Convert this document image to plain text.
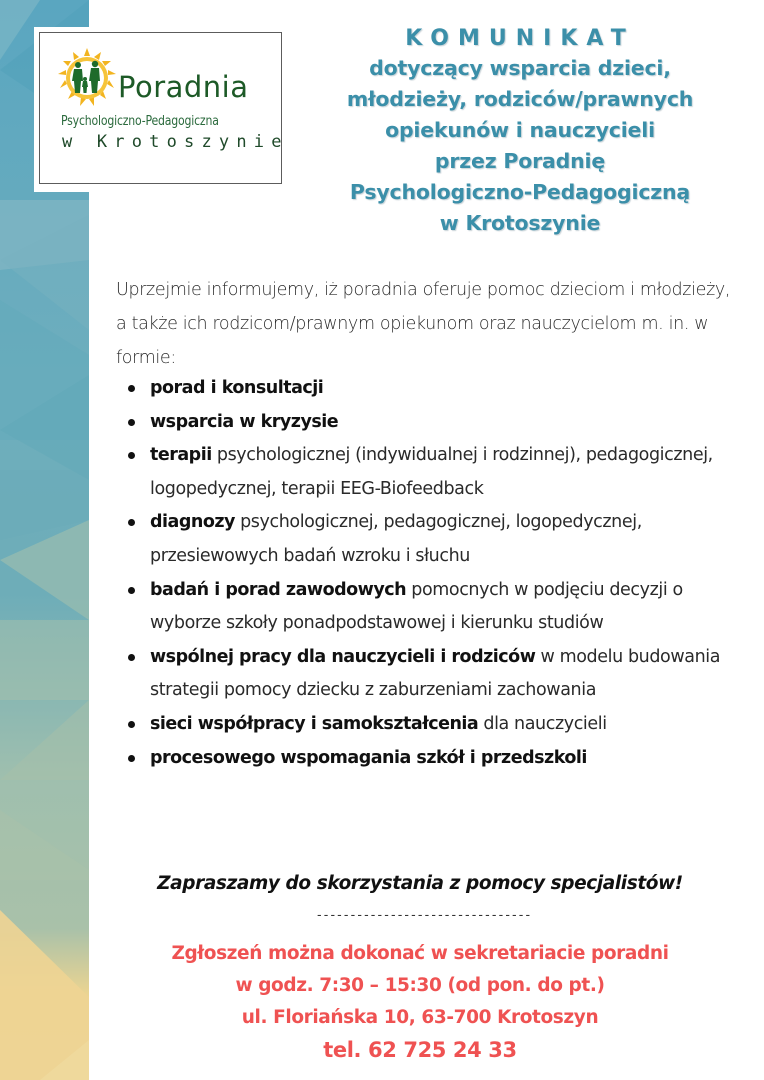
Poradnia
Psychologiczno-Pedagogiczna
w Krotoszynie
KOMUNIKAT
dotyczący wsparcia dzieci,
młodzieży, rodziców/prawnych
opiekunów i nauczycieli
przez Poradnię
Psychologiczno-Pedagogiczną
w Krotoszynie
Uprzejmie informujemy, iż poradnia oferuje pomoc dzieciom i młodzieży, a także ich rodzicom/prawnym opiekunom oraz nauczycielom m. in. w formie:
porad i konsultacji
wsparcia w kryzysie
terapii psychologicznej (indywidualnej i rodzinnej), pedagogicznej, logopedycznej, terapii EEG-Biofeedback
diagnozy psychologicznej, pedagogicznej, logopedycznej, przesiewowych badań wzroku i słuchu
badań i porad zawodowych pomocnych w podjęciu decyzji o wyborze szkoły ponadpodstawowej i kierunku studiów
wspólnej pracy dla nauczycieli i rodziców w modelu budowania strategii pomocy dziecku z zaburzeniami zachowania
sieci współpracy i samokształcenia dla nauczycieli
procesowego wspomagania szkół i przedszkoli
Zapraszamy do skorzystania z pomocy specjalistów!
--------------------------------
Zgłoszeń można dokonać w sekretariacie poradni
w godz. 7:30 – 15:30 (od pon. do pt.)
ul. Floriańska 10, 63-700 Krotoszyn
tel. 62 725 24 33
